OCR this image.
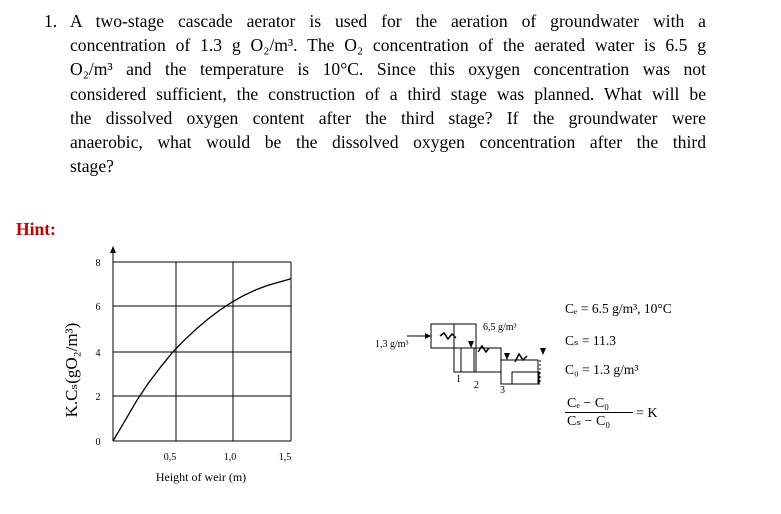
1. A two-stage cascade aerator is used for the aeration of groundwater with a
concentration of 1.3 g O₂/m³. The O₂ concentration of the aerated water is 6.5 g
O₂/m³ and the temperature is 10°C. Since this oxygen concentration was not
considered sufficient, the construction of a third stage was planned. What will be
the dissolved oxygen content after the third stage? If the groundwater were
anaerobic, what would be the dissolved oxygen concentration after the third
stage?
Hint:
K.Cₛ(gO₂/m³)
0
2
4
6
8
0,5	1,0	1,5
Height of weir (m)
1,3 g/m³
6,5 g/m³
1
2 3
Cₑ = 6.5 g/m³, 10°C
Cₛ = 11.3
C₀ = 1.3 g/m³
Cₑ − C₀
Cₛ − C₀
= K
